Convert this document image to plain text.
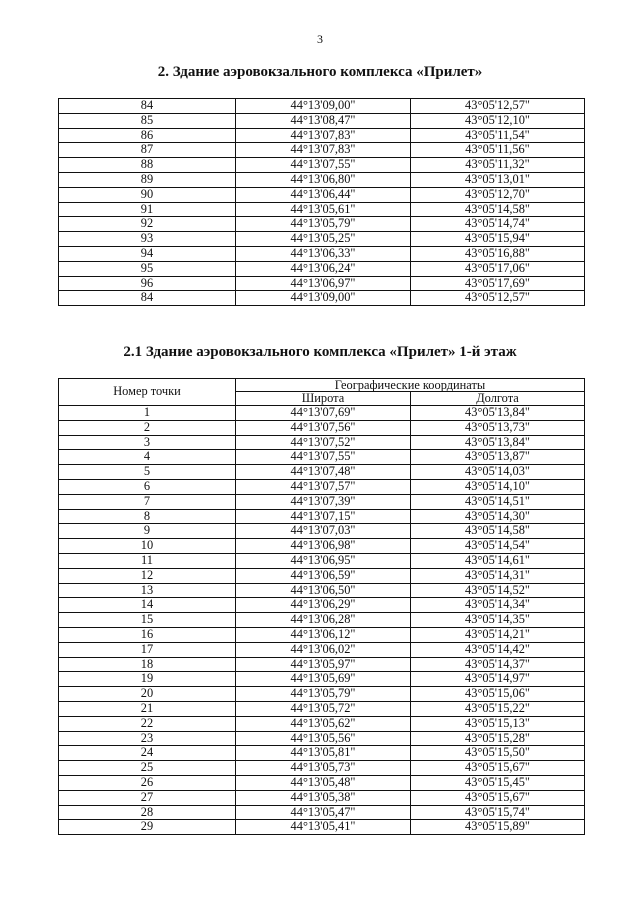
3
2. Здание аэровокзального комплекса «Прилет»
84	44°13'09,00"	43°05'12,57"
85	44°13'08,47"	43°05'12,10"
86	44°13'07,83"	43°05'11,54"
87	44°13'07,83"	43°05'11,56"
88	44°13'07,55"	43°05'11,32"
89	44°13'06,80"	43°05'13,01"
90	44°13'06,44"	43°05'12,70"
91	44°13'05,61"	43°05'14,58"
92	44°13'05,79"	43°05'14,74"
93	44°13'05,25"	43°05'15,94"
94	44°13'06,33"	43°05'16,88"
95	44°13'06,24"	43°05'17,06"
96	44°13'06,97"	43°05'17,69"
84	44°13'09,00"	43°05'12,57"
2.1 Здание аэровокзального комплекса «Прилет» 1-й этаж
Номер точки	Географические координаты	
	Широта	Долгота
1	44°13'07,69"	43°05'13,84"
2	44°13'07,56"	43°05'13,73"
3	44°13'07,52"	43°05'13,84"
4	44°13'07,55"	43°05'13,87"
5	44°13'07,48"	43°05'14,03"
6	44°13'07,57"	43°05'14,10"
7	44°13'07,39"	43°05'14,51"
8	44°13'07,15"	43°05'14,30"
9	44°13'07,03"	43°05'14,58"
10	44°13'06,98"	43°05'14,54"
11	44°13'06,95"	43°05'14,61"
12	44°13'06,59"	43°05'14,31"
13	44°13'06,50"	43°05'14,52"
14	44°13'06,29"	43°05'14,34"
15	44°13'06,28"	43°05'14,35"
16	44°13'06,12"	43°05'14,21"
17	44°13'06,02"	43°05'14,42"
18	44°13'05,97"	43°05'14,37"
19	44°13'05,69"	43°05'14,97"
20	44°13'05,79"	43°05'15,06"
21	44°13'05,72"	43°05'15,22"
22	44°13'05,62"	43°05'15,13"
23	44°13'05,56"	43°05'15,28"
24	44°13'05,81"	43°05'15,50"
25	44°13'05,73"	43°05'15,67"
26	44°13'05,48"	43°05'15,45"
27	44°13'05,38"	43°05'15,67"
28	44°13'05,47"	43°05'15,74"
29	44°13'05,41"	43°05'15,89"
